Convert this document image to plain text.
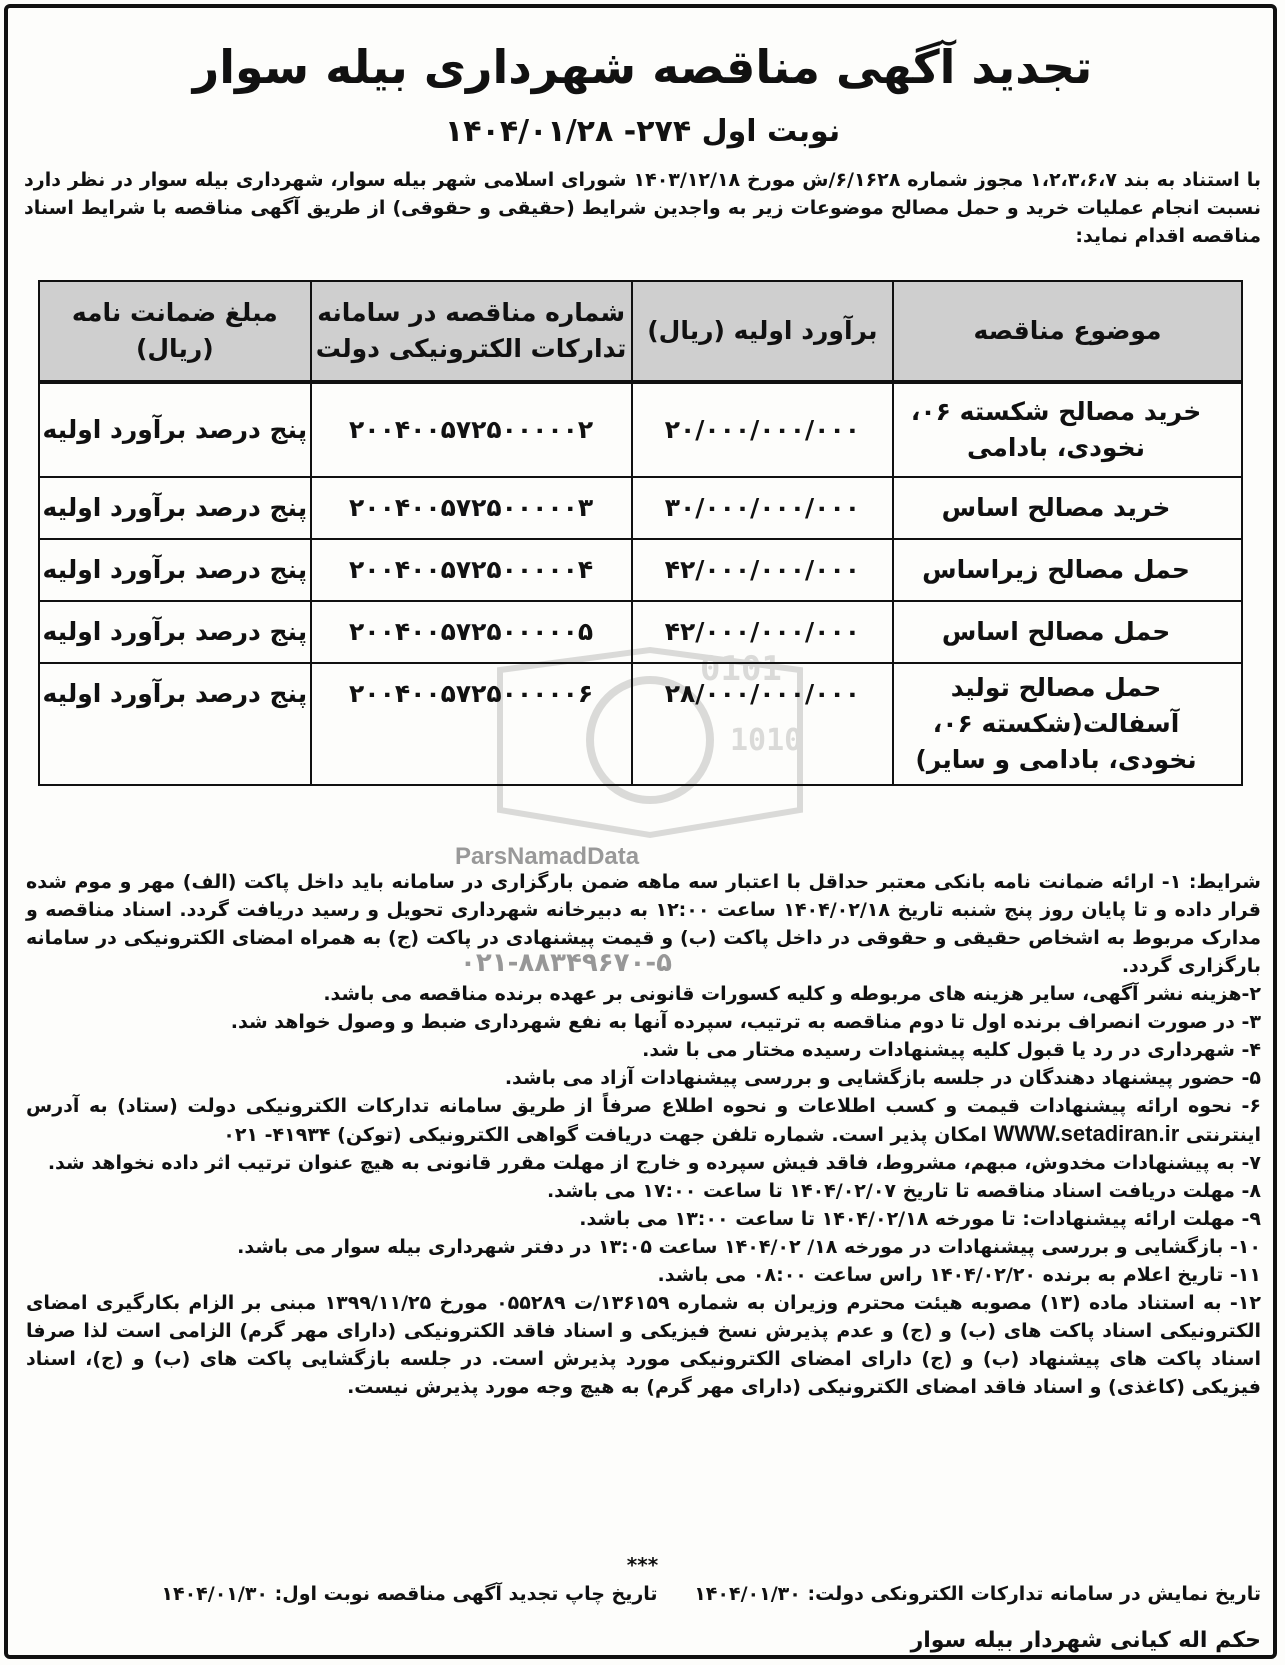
0101
1010
ParsNamadData
۰۲۱-۸۸۳۴۹۶۷۰-۵
تجدید آگهی مناقصه شهرداری بیله سوار
نوبت اول ۲۷۴- ۱۴۰۴/۰۱/۲۸
با استناد به بند ۱،۲،۳،۶،۷ مجوز شماره ۶/۱۶۲۸/ش مورخ ۱۴۰۳/۱۲/۱۸ شورای اسلامی شهر بیله سوار، شهرداری بیله سوار در نظر دارد نسبت انجام عملیات خرید و حمل مصالح موضوعات زیر به واجدین شرایط (حقیقی و حقوقی) از طریق آگهی مناقصه با شرایط اسناد مناقصه اقدام نماید:
موضوع مناقصه	برآورد اولیه (ریال)	شماره مناقصه در سامانه تدارکات الکترونیکی دولت	مبلغ ضمانت نامه (ریال)
خرید مصالح شکسته ۰۶، نخودی، بادامی	۲۰/۰۰۰/۰۰۰/۰۰۰	۲۰۰۴۰۰۵۷۲۵۰۰۰۰۰۲	پنج درصد برآورد اولیه
خرید مصالح اساس	۳۰/۰۰۰/۰۰۰/۰۰۰	۲۰۰۴۰۰۵۷۲۵۰۰۰۰۰۳	پنج درصد برآورد اولیه
حمل مصالح زیراساس	۴۲/۰۰۰/۰۰۰/۰۰۰	۲۰۰۴۰۰۵۷۲۵۰۰۰۰۰۴	پنج درصد برآورد اولیه
حمل مصالح اساس	۴۲/۰۰۰/۰۰۰/۰۰۰	۲۰۰۴۰۰۵۷۲۵۰۰۰۰۰۵	پنج درصد برآورد اولیه
حمل مصالح تولید آسفالت(شکسته ۰۶، نخودی، بادامی و سایر)	۲۸/۰۰۰/۰۰۰/۰۰۰	۲۰۰۴۰۰۵۷۲۵۰۰۰۰۰۶	پنج درصد برآورد اولیه

شرایط: ۱- ارائه ضمانت نامه بانکی معتبر حداقل با اعتبار سه ماهه ضمن بارگزاری در سامانه باید داخل پاکت (الف) مهر و موم شده قرار داده و تا پایان روز پنج شنبه تاریخ ۱۴۰۴/۰۲/۱۸ ساعت ۱۲:۰۰ به دبیرخانه شهرداری تحویل و رسید دریافت گردد. اسناد مناقصه و مدارک مربوط به اشخاص حقیقی و حقوقی در داخل پاکت (ب) و قیمت پیشنهادی در پاکت (ج) به همراه امضای الکترونیکی در سامانه بارگزاری گردد.

۲-هزینه نشر آگهی، سایر هزینه های مربوطه و کلیه کسورات قانونی بر عهده برنده مناقصه می باشد.

۳- در صورت انصراف برنده اول تا دوم مناقصه به ترتیب، سپرده آنها به نفع شهرداری ضبط و وصول خواهد شد.

۴- شهرداری در رد یا قبول کلیه پیشنهادات رسیده مختار می با شد.

۵- حضور پیشنهاد دهندگان در جلسه بازگشایی و بررسی پیشنهادات آزاد می باشد.

۶- نحوه ارائه پیشنهادات قیمت و کسب اطلاعات و نحوه اطلاع صرفاً از طریق سامانه تدارکات الکترونیکی دولت (ستاد) به آدرس اینترنتی WWW.setadiran.ir امکان پذیر است. شماره تلفن جهت دریافت گواهی الکترونیکی (توکن) ۴۱۹۳۴- ۰۲۱

۷- به پیشنهادات مخدوش، مبهم، مشروط، فاقد فیش سپرده و خارج از مهلت مقرر قانونی به هیچ عنوان ترتیب اثر داده نخواهد شد.

۸- مهلت دریافت اسناد مناقصه تا تاریخ ۱۴۰۴/۰۲/۰۷ تا ساعت ۱۷:۰۰ می باشد.

۹- مهلت ارائه پیشنهادات: تا مورخه ۱۴۰۴/۰۲/۱۸ تا ساعت ۱۳:۰۰ می باشد.

۱۰- بازگشایی و بررسی پیشنهادات در مورخه ۱۸/ ۱۴۰۴/۰۲ ساعت ۱۳:۰۵ در دفتر شهرداری بیله سوار می باشد.

۱۱- تاریخ اعلام به برنده ۱۴۰۴/۰۲/۲۰ راس ساعت ۰۸:۰۰ می باشد.

۱۲- به استناد ماده (۱۳) مصوبه هیئت محترم وزیران به شماره ۱۳۶۱۵۹/ت ۰۵۵۲۸۹ مورخ ۱۳۹۹/۱۱/۲۵ مبنی بر الزام بکارگیری امضای الکترونیکی اسناد پاکت های (ب) و (ج) و عدم پذیرش نسخ فیزیکی و اسناد فاقد الکترونیکی (دارای مهر گرم) الزامی است لذا صرفا اسناد پاکت های پیشنهاد (ب) و (ج) دارای امضای الکترونیکی مورد پذیرش است. در جلسه بازگشایی پاکت های (ب) و (ج)، اسناد فیزیکی (کاغذی) و اسناد فاقد امضای الکترونیکی (دارای مهر گرم) به هیچ وجه مورد پذیرش نیست.

***
تاریخ نمایش در سامانه تدارکات الکترونکی دولت: ۱۴۰۴/۰۱/۳۰ تاریخ چاپ تجدید آگهی مناقصه نوبت اول: ۱۴۰۴/۰۱/۳۰
حکم اله کیانی شهردار بیله سوار
